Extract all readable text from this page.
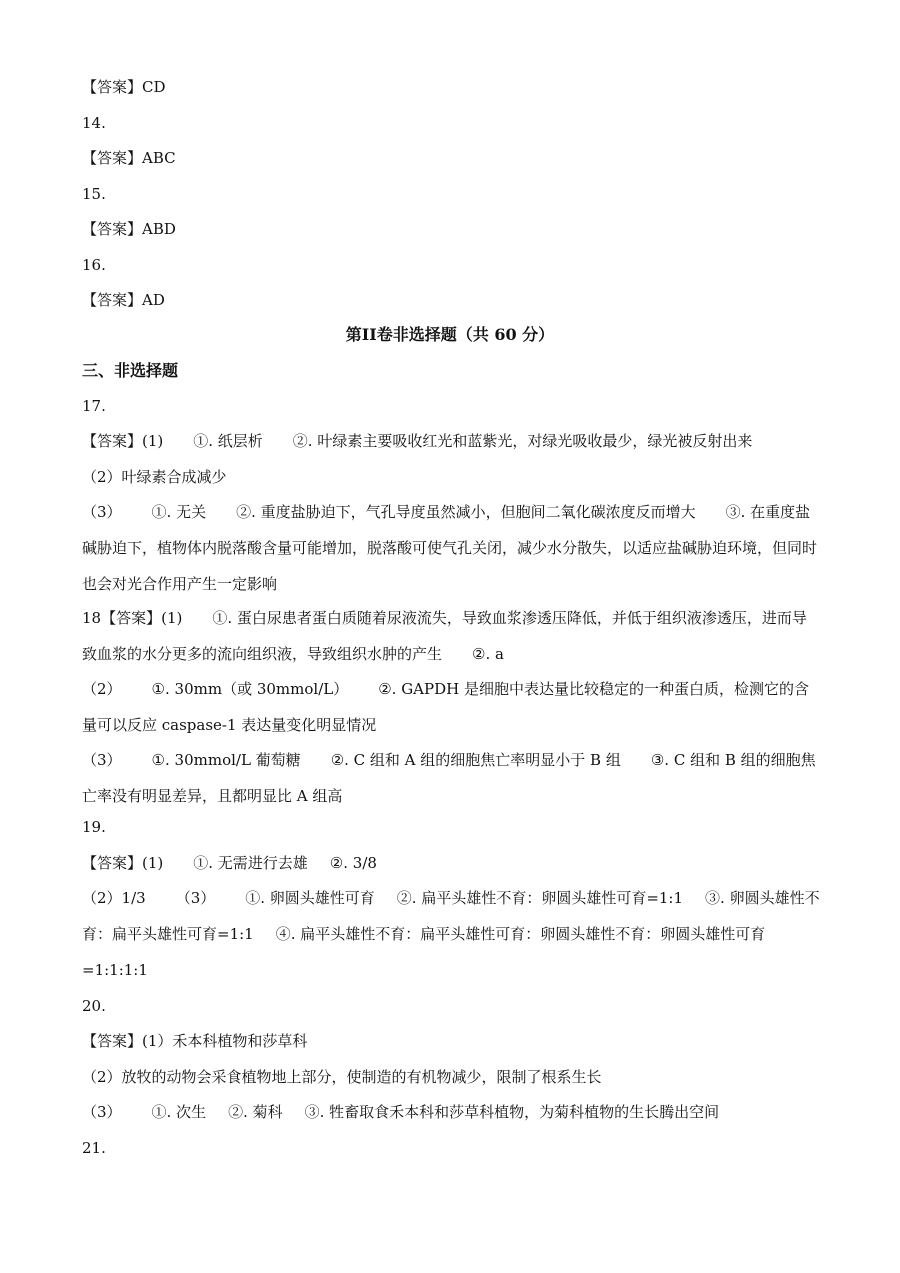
【答案】CD
14.
【答案】ABC
15.
【答案】ABD
16.
【答案】AD
第II卷非选择题（共 60 分）
三、非选择题
17.
【答案】(1) ①. 纸层析 ②. 叶绿素主要吸收红光和蓝紫光，对绿光吸收最少，绿光被反射出来
（2）叶绿素合成减少
（3） ①. 无关 ②. 重度盐胁迫下，气孔导度虽然减小，但胞间二氧化碳浓度反而增大 ③. 在重度盐碱胁迫下，植物体内脱落酸含量可能增加，脱落酸可使气孔关闭，减少水分散失，以适应盐碱胁迫环境，但同时也会对光合作用产生一定影响
18【答案】(1) ①. 蛋白尿患者蛋白质随着尿液流失，导致血浆渗透压降低，并低于组织液渗透压，进而导致血浆的水分更多的流向组织液，导致组织水肿的产生 ②. a
（2） ①. 30mm（或 30mmol/L） ②. GAPDH 是细胞中表达量比较稳定的一种蛋白质，检测它的含量可以反应 caspase-1 表达量变化明显情况
（3） ①. 30mmol/L 葡萄糖 ②. C 组和 A 组的细胞焦亡率明显小于 B 组 ③. C 组和 B 组的细胞焦亡率没有明显差异，且都明显比 A 组高
19.
【答案】(1) ①. 无需进行去雄 ②. 3/8
（2）1/3 （3） ①. 卵圆头雄性可育 ②. 扁平头雄性不育：卵圆头雄性可育=1:1 ③. 卵圆头雄性不育：扁平头雄性可育=1:1 ④. 扁平头雄性不育：扁平头雄性可育：卵圆头雄性不育：卵圆头雄性可育=1:1:1:1
20.
【答案】(1）禾本科植物和莎草科
（2）放牧的动物会采食植物地上部分，使制造的有机物减少，限制了根系生长
（3） ①. 次生 ②. 菊科 ③. 牲畜取食禾本科和莎草科植物，为菊科植物的生长腾出空间
21.
